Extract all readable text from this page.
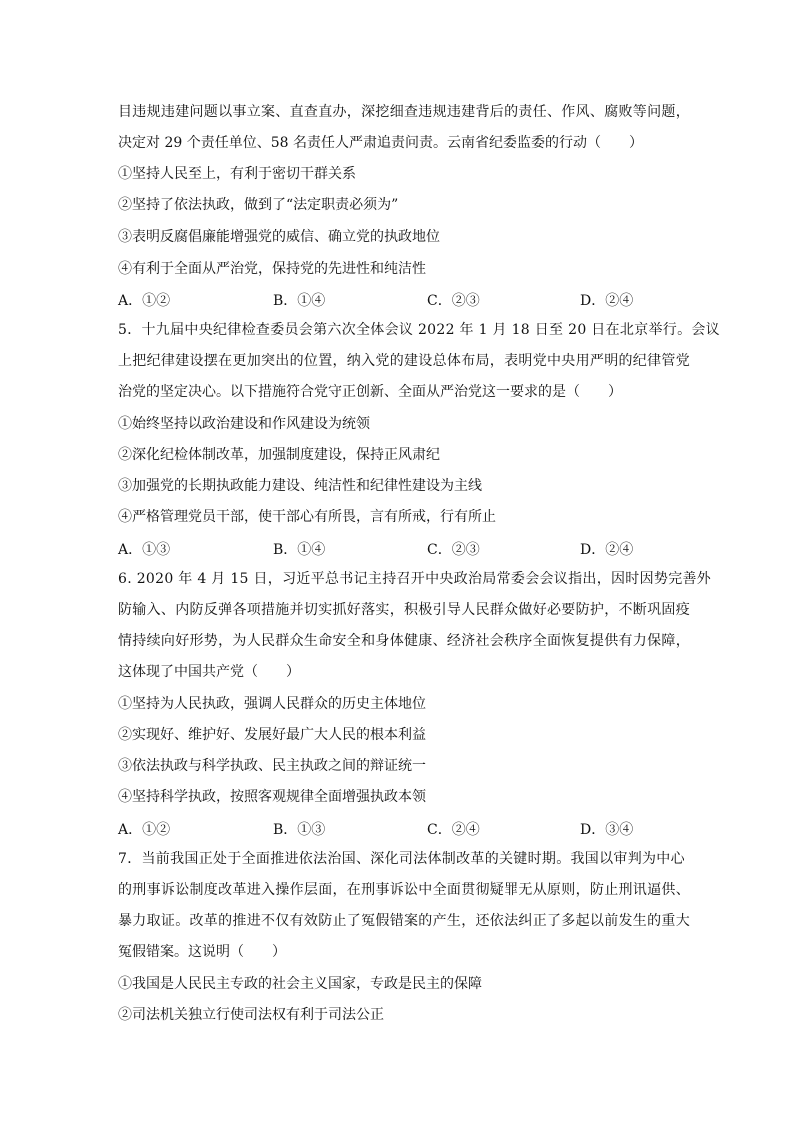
目违规违建问题以事立案、直查直办，深挖细查违规违建背后的责任、作风、腐败等问题，
决定对 29 个责任单位、58 名责任人严肃追责问责。云南省纪委监委的行动（　　）
①坚持人民至上，有利于密切干群关系
②坚持了依法执政，做到了“法定职责必须为”
③表明反腐倡廉能增强党的威信、确立党的执政地位
④有利于全面从严治党，保持党的先进性和纯洁性
A．①②	B．①④	C．②③	D．②④
5．十九届中央纪律检查委员会第六次全体会议 2022 年 1 月 18 日至 20 日在北京举行。会议
上把纪律建设摆在更加突出的位置，纳入党的建设总体布局，表明党中央用严明的纪律管党
治党的坚定决心。以下措施符合党守正创新、全面从严治党这一要求的是（　　）
①始终坚持以政治建设和作风建设为统领
②深化纪检体制改革，加强制度建设，保持正风肃纪
③加强党的长期执政能力建设、纯洁性和纪律性建设为主线
④严格管理党员干部，使干部心有所畏，言有所戒，行有所止
A．①③	B．①④	C．②③	D．②④
6. 2020 年 4 月 15 日，习近平总书记主持召开中央政治局常委会会议指出，因时因势完善外
防输入、内防反弹各项措施并切实抓好落实，积极引导人民群众做好必要防护，不断巩固疫
情持续向好形势，为人民群众生命安全和身体健康、经济社会秩序全面恢复提供有力保障，
这体现了中国共产党（　　）
①坚持为人民执政，强调人民群众的历史主体地位
②实现好、维护好、发展好最广大人民的根本利益
③依法执政与科学执政、民主执政之间的辩证统一
④坚持科学执政，按照客观规律全面增强执政本领
A．①②	B．①③	C．②④	D．③④
7．当前我国正处于全面推进依法治国、深化司法体制改革的关键时期。我国以审判为中心
的刑事诉讼制度改革进入操作层面，在刑事诉讼中全面贯彻疑罪无从原则，防止刑讯逼供、
暴力取证。改革的推进不仅有效防止了冤假错案的产生，还依法纠正了多起以前发生的重大
冤假错案。这说明（　　）
①我国是人民民主专政的社会主义国家，专政是民主的保障
②司法机关独立行使司法权有利于司法公正
